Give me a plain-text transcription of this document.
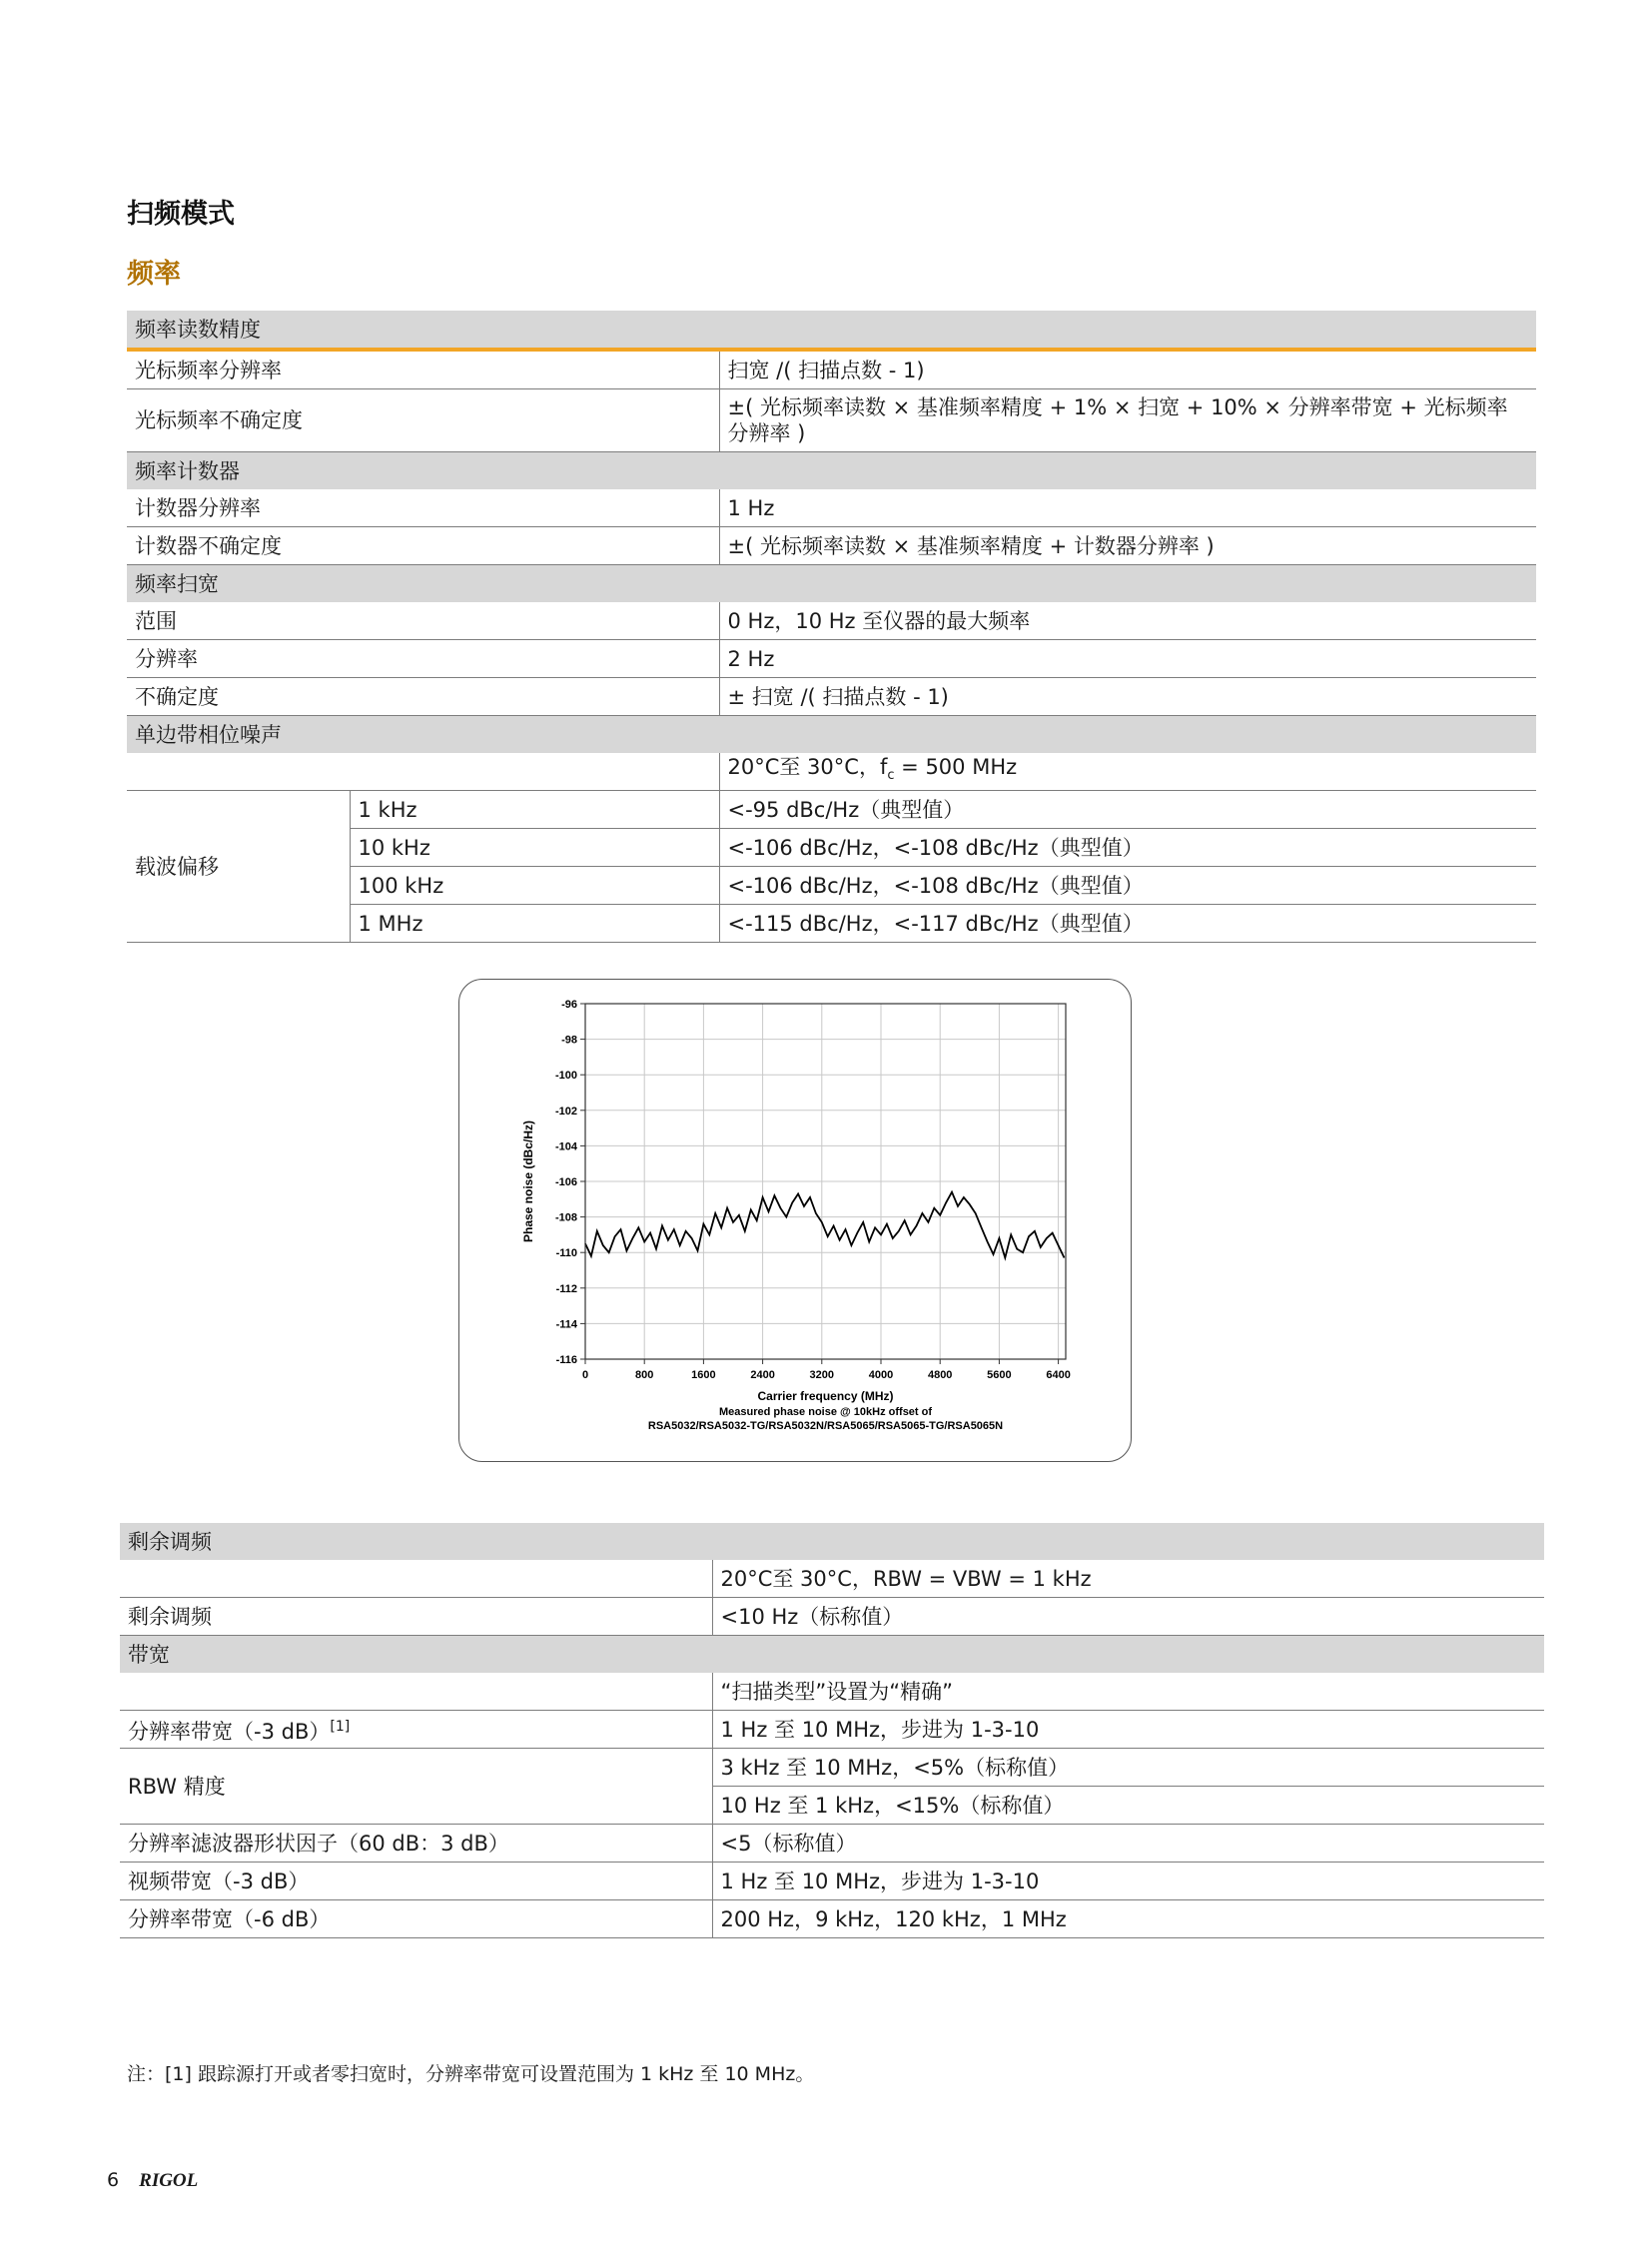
扫频模式
频率
频率读数精度		
光标频率分辨率		扫宽 /( 扫描点数 - 1)
光标频率不确定度		±( 光标频率读数 × 基准频率精度 + 1% × 扫宽 + 10% × 分辨率带宽 + 光标频率分辨率 )
频率计数器		
计数器分辨率		1 Hz
计数器不确定度		±( 光标频率读数 × 基准频率精度 + 计数器分辨率 )
频率扫宽		
范围		0 Hz，10 Hz 至仪器的最大频率
分辨率		2 Hz
不确定度		± 扫宽 /( 扫描点数 - 1)
单边带相位噪声		
		20°C至 30°C，$f_c = 500$ MHz
载波偏移	1 kHz	<-95 dBc/Hz（典型值）
	10 kHz	<-106 dBc/Hz，<-108 dBc/Hz（典型值）
	100 kHz	<-106 dBc/Hz，<-108 dBc/Hz（典型值）
	1 MHz	<-115 dBc/Hz，<-117 dBc/Hz（典型值）
-96
-98
-100
-102
-104
-106
-108
-110
-112
-114
-116
0	800	1600	2400	3200	4000	4800	5600	6400
Phase noise (dBc/Hz)
Carrier frequency (MHz)
Measured phase noise @ 10kHz offset of
RSA5032/RSA5032-TG/RSA5032N/RSA5065/RSA5065-TG/RSA5065N
剩余调频	
	20°C至 30°C，RBW = VBW = 1 kHz
剩余调频	<10 Hz（标称值）
带宽	
	“扫描类型”设置为“精确”
分辨率带宽（-3 dB）[1]	1 Hz 至 10 MHz，步进为 1-3-10
RBW 精度	3 kHz 至 10 MHz，<5%（标称值）
	10 Hz 至 1 kHz，<15%（标称值）
分辨率滤波器形状因子（60 dB：3 dB）	<5（标称值）
视频带宽（-3 dB）	1 Hz 至 10 MHz，步进为 1-3-10
分辨率带宽（-6 dB）	200 Hz，9 kHz，120 kHz，1 MHz
注：[1] 跟踪源打开或者零扫宽时，分辨率带宽可设置范围为 1 kHz 至 10 MHz。
6 RIGOL
